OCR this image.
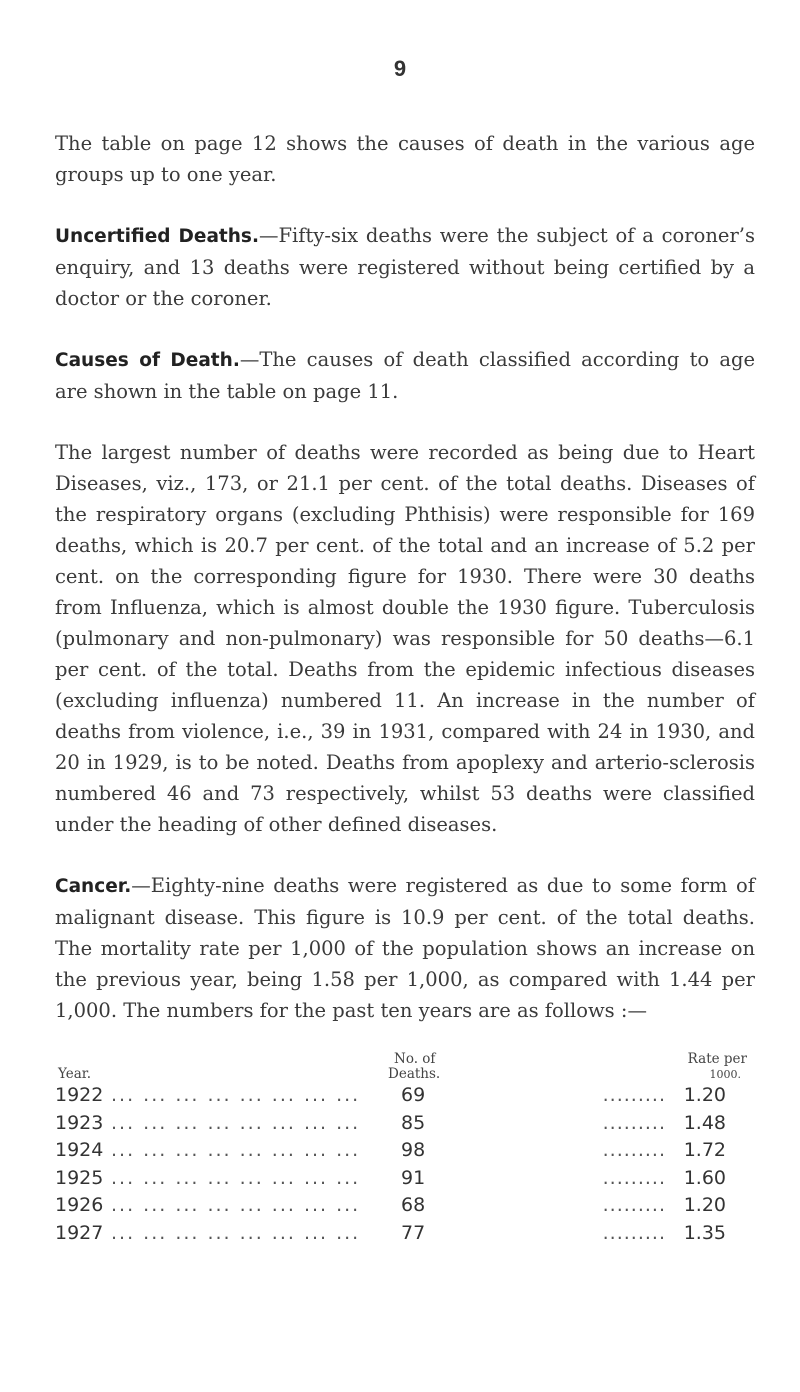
9

The table on page 12 shows the causes of death in the various age groups up to one year.

Uncertified Deaths.—Fifty-six deaths were the subject of a coroner’s enquiry, and 13 deaths were registered without being certified by a doctor or the coroner.

Causes of Death.—The causes of death classified according to age are shown in the table on page 11.

The largest number of deaths were recorded as being due to Heart Diseases, viz., 173, or 21.1 per cent. of the total deaths. Diseases of the respiratory organs (excluding Phthisis) were responsible for 169 deaths, which is 20.7 per cent. of the total and an increase of 5.2 per cent. on the corresponding figure for 1930. There were 30 deaths from Influenza, which is almost double the 1930 figure. Tuberculosis (pulmonary and non-pulmonary) was responsible for 50 deaths—6.1 per cent. of the total. Deaths from the epidemic infectious diseases (excluding influenza) numbered 11. An increase in the number of deaths from violence, i.e., 39 in 1931, compared with 24 in 1930, and 20 in 1929, is to be noted. Deaths from apoplexy and arterio-sclerosis numbered 46 and 73 respectively, whilst 53 deaths were classified under the heading of other defined diseases.

Cancer.—Eighty-nine deaths were registered as due to some form of malignant disease. This figure is 10.9 per cent. of the total deaths. The mortality rate per 1,000 of the population shows an increase on the previous year, being 1.58 per 1,000, as compared with 1.44 per 1,000. The numbers for the past ten years are as follows :—

Year.
No. of
Deaths.
Rate per
1000.
1922 ... ... ... ... ... ... ... ...	69	......... 1.20
1923 ... ... ... ... ... ... ... ...	85	......... 1.48
1924 ... ... ... ... ... ... ... ...	98	......... 1.72
1925 ... ... ... ... ... ... ... ...	91	......... 1.60
1926 ... ... ... ... ... ... ... ...	68	......... 1.20
1927 ... ... ... ... ... ... ... ...	77	......... 1.35
